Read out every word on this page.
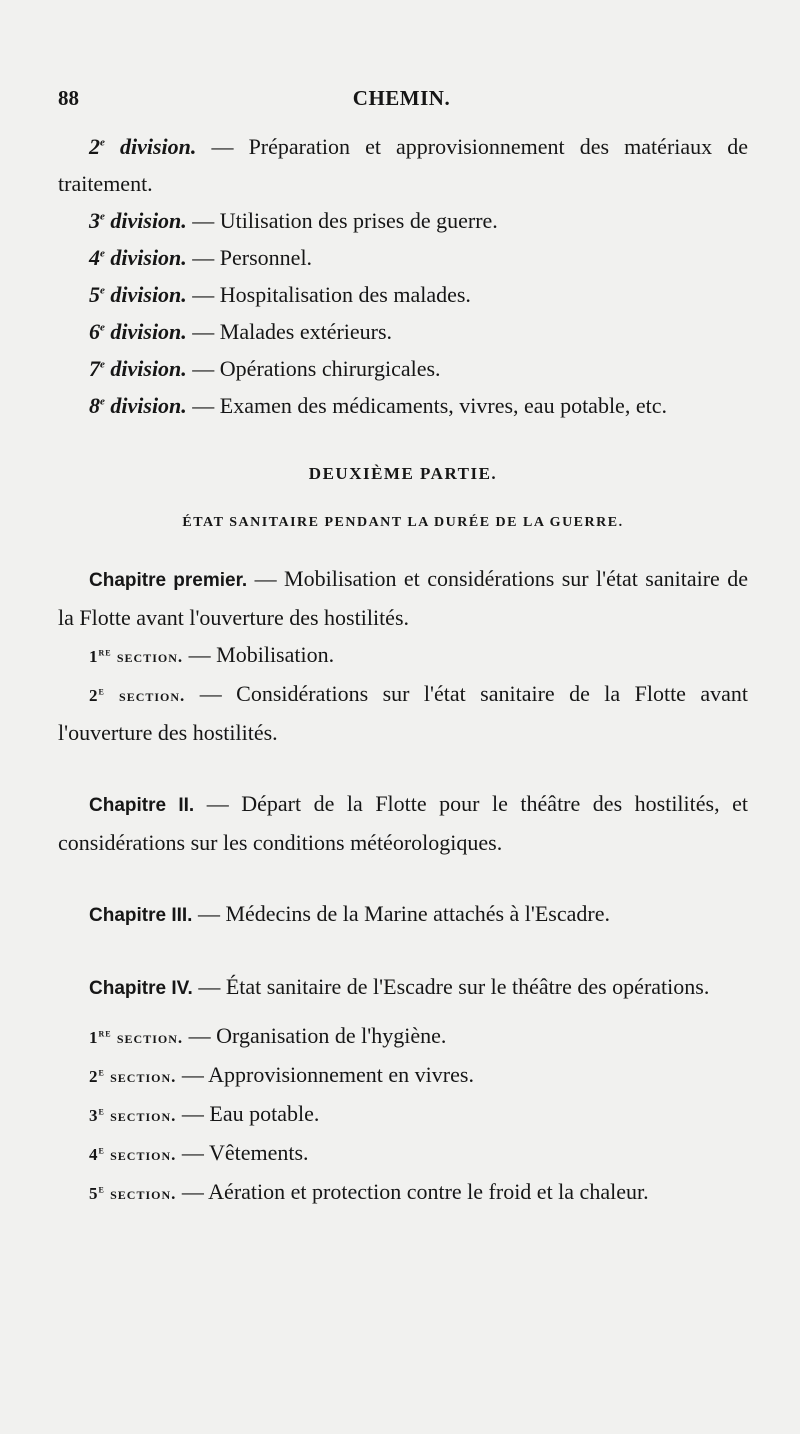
88	CHEMIN.

2e division. — Préparation et approvisionnement des matériaux de traitement.

3e division. — Utilisation des prises de guerre.

4e division. — Personnel.

5e division. — Hospitalisation des malades.

6e division. — Malades extérieurs.

7e division. — Opérations chirurgicales.

8e division. — Examen des médicaments, vivres, eau potable, etc.

DEUXIÈME PARTIE.

ÉTAT SANITAIRE PENDANT LA DURÉE DE LA GUERRE.

Chapitre premier. — Mobilisation et considérations sur l'état sanitaire de la Flotte avant l'ouverture des hostilités.

1re section. — Mobilisation.

2e section. — Considérations sur l'état sanitaire de la Flotte avant l'ouverture des hostilités.

Chapitre II. — Départ de la Flotte pour le théâtre des hostilités, et considérations sur les conditions météorologiques.

Chapitre III. — Médecins de la Marine attachés à l'Escadre.

Chapitre IV. — État sanitaire de l'Escadre sur le théâtre des opérations.

1re section. — Organisation de l'hygiène.

2e section. — Approvisionnement en vivres.

3e section. — Eau potable.

4e section. — Vêtements.

5e section. — Aération et protection contre le froid et la chaleur.
